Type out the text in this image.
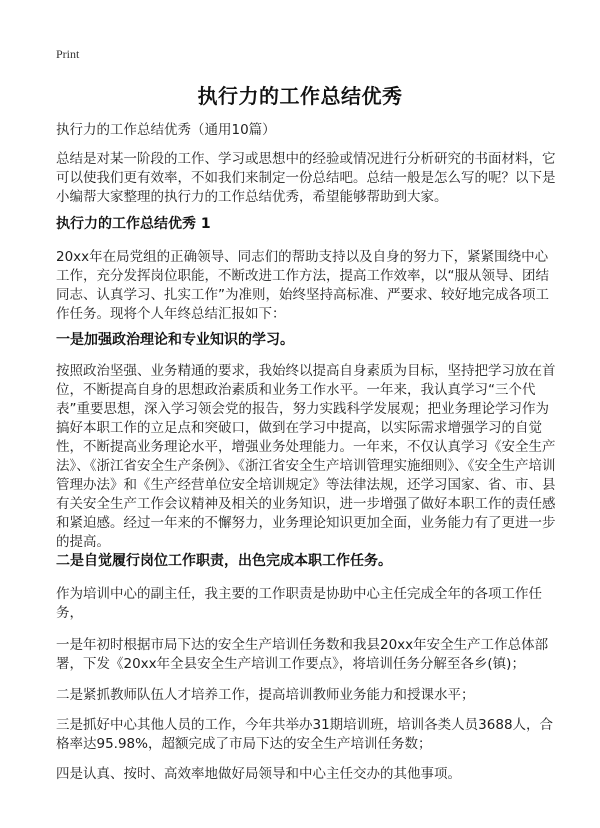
Print
执行力的工作总结优秀
执行力的工作总结优秀（通用10篇）
总结是对某一阶段的工作、学习或思想中的经验或情况进行分析研究的书面材料，它可以使我们更有效率，不如我们来制定一份总结吧。总结一般是怎么写的呢？以下是小编帮大家整理的执行力的工作总结优秀，希望能够帮助到大家。
执行力的工作总结优秀 1
20xx年在局党组的正确领导、同志们的帮助支持以及自身的努力下，紧紧围绕中心工作，充分发挥岗位职能，不断改进工作方法，提高工作效率，以“服从领导、团结同志、认真学习、扎实工作”为准则，始终坚持高标准、严要求、较好地完成各项工作任务。现将个人年终总结汇报如下：
一是加强政治理论和专业知识的学习。
按照政治坚强、业务精通的要求，我始终以提高自身素质为目标，坚持把学习放在首位，不断提高自身的思想政治素质和业务工作水平。一年来，我认真学习“三个代表”重要思想，深入学习领会党的报告，努力实践科学发展观；把业务理论学习作为搞好本职工作的立足点和突破口，做到在学习中提高，以实际需求增强学习的自觉性，不断提高业务理论水平，增强业务处理能力。一年来，不仅认真学习《安全生产法》、《浙江省安全生产条例》、《浙江省安全生产培训管理实施细则》、《安全生产培训管理办法》和《生产经营单位安全培训规定》等法律法规，还学习国家、省、市、县有关安全生产工作会议精神及相关的业务知识，进一步增强了做好本职工作的责任感和紧迫感。经过一年来的不懈努力，业务理论知识更加全面，业务能力有了更进一步的提高。
二是自觉履行岗位工作职责，出色完成本职工作任务。
作为培训中心的副主任，我主要的工作职责是协助中心主任完成全年的各项工作任务，
一是年初时根据市局下达的安全生产培训任务数和我县20xx年安全生产工作总体部署，下发《20xx年全县安全生产培训工作要点》，将培训任务分解至各乡(镇)；
二是紧抓教师队伍人才培养工作，提高培训教师业务能力和授课水平；
三是抓好中心其他人员的工作，今年共举办31期培训班，培训各类人员3688人，合格率达95.98%，超额完成了市局下达的安全生产培训任务数；
四是认真、按时、高效率地做好局领导和中心主任交办的其他事项。
